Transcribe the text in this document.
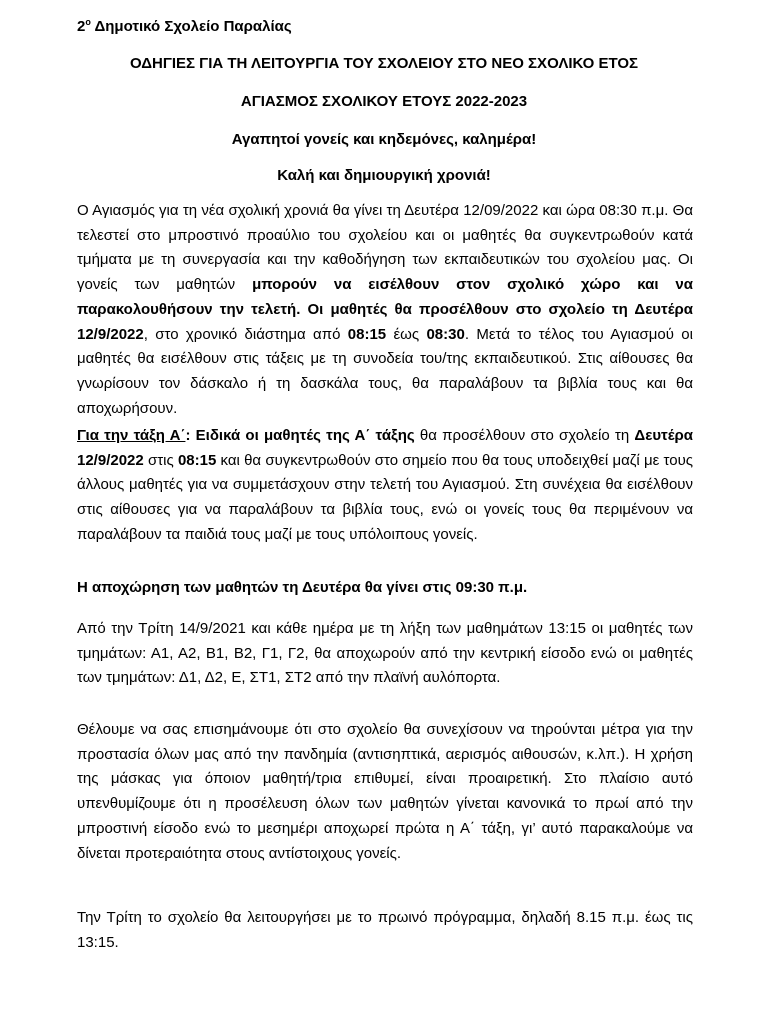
$2^o$ Δημοτικό Σχολείο Παραλίας
ΟΔΗΓΙΕΣ ΓΙΑ ΤΗ ΛΕΙΤΟΥΡΓΙΑ ΤΟΥ ΣΧΟΛΕΙΟΥ ΣΤΟ ΝΕΟ ΣΧΟΛΙΚΟ ΕΤΟΣ
ΑΓΙΑΣΜΟΣ ΣΧΟΛΙΚΟΥ ΕΤΟΥΣ 2022-2023
Αγαπητοί γονείς και κηδεμόνες, καλημέρα!
Καλή και δημιουργική χρονιά!
Ο Αγιασμός για τη νέα σχολική χρονιά θα γίνει τη Δευτέρα 12/09/2022 και ώρα 08:30 π.μ. Θα τελεστεί στο μπροστινό προαύλιο του σχολείου και οι μαθητές θα συγκεντρωθούν κατά τμήματα με τη συνεργασία και την καθοδήγηση των εκπαιδευτικών του σχολείου μας. Οι γονείς των μαθητών μπορούν να εισέλθουν στον σχολικό χώρο και να παρακολουθήσουν την τελετή. Οι μαθητές θα προσέλθουν στο σχολείο τη Δευτέρα 12/9/2022, στο χρονικό διάστημα από 08:15 έως 08:30. Μετά το τέλος του Αγιασμού οι μαθητές θα εισέλθουν στις τάξεις με τη συνοδεία του/της εκπαιδευτικού. Στις αίθουσες θα γνωρίσουν τον δάσκαλο ή τη δασκάλα τους, θα παραλάβουν τα βιβλία τους και θα αποχωρήσουν.
Για την τάξη Α΄: Ειδικά οι μαθητές της Α΄ τάξης θα προσέλθουν στο σχολείο τη Δευτέρα 12/9/2022 στις 08:15 και θα συγκεντρωθούν στο σημείο που θα τους υποδειχθεί μαζί με τους άλλους μαθητές για να συμμετάσχουν στην τελετή του Αγιασμού. Στη συνέχεια θα εισέλθουν στις αίθουσες για να παραλάβουν τα βιβλία τους, ενώ οι γονείς τους θα περιμένουν να παραλάβουν τα παιδιά τους μαζί με τους υπόλοιπους γονείς.
Η αποχώρηση των μαθητών τη Δευτέρα θα γίνει στις 09:30 π.μ.
Από την Τρίτη 14/9/2021 και κάθε ημέρα με τη λήξη των μαθημάτων 13:15 οι μαθητές των τμημάτων: Α1, Α2, Β1, Β2, Γ1, Γ2, θα αποχωρούν από την κεντρική είσοδο ενώ οι μαθητές των τμημάτων: Δ1, Δ2, Ε, ΣΤ1, ΣΤ2 από την πλαϊνή αυλόπορτα.
Θέλουμε να σας επισημάνουμε ότι στο σχολείο θα συνεχίσουν να τηρούνται μέτρα για την προστασία όλων μας από την πανδημία (αντισηπτικά, αερισμός αιθουσών, κ.λπ.). Η χρήση της μάσκας για όποιον μαθητή/τρια επιθυμεί, είναι προαιρετική. Στο πλαίσιο αυτό υπενθυμίζουμε ότι η προσέλευση όλων των μαθητών γίνεται κανονικά το πρωί από την μπροστινή είσοδο ενώ το μεσημέρι αποχωρεί πρώτα η Α΄ τάξη, γι’ αυτό παρακαλούμε να δίνεται προτεραιότητα στους αντίστοιχους γονείς.
Την Τρίτη το σχολείο θα λειτουργήσει με το πρωινό πρόγραμμα, δηλαδή 8.15 π.μ. έως τις 13:15.
